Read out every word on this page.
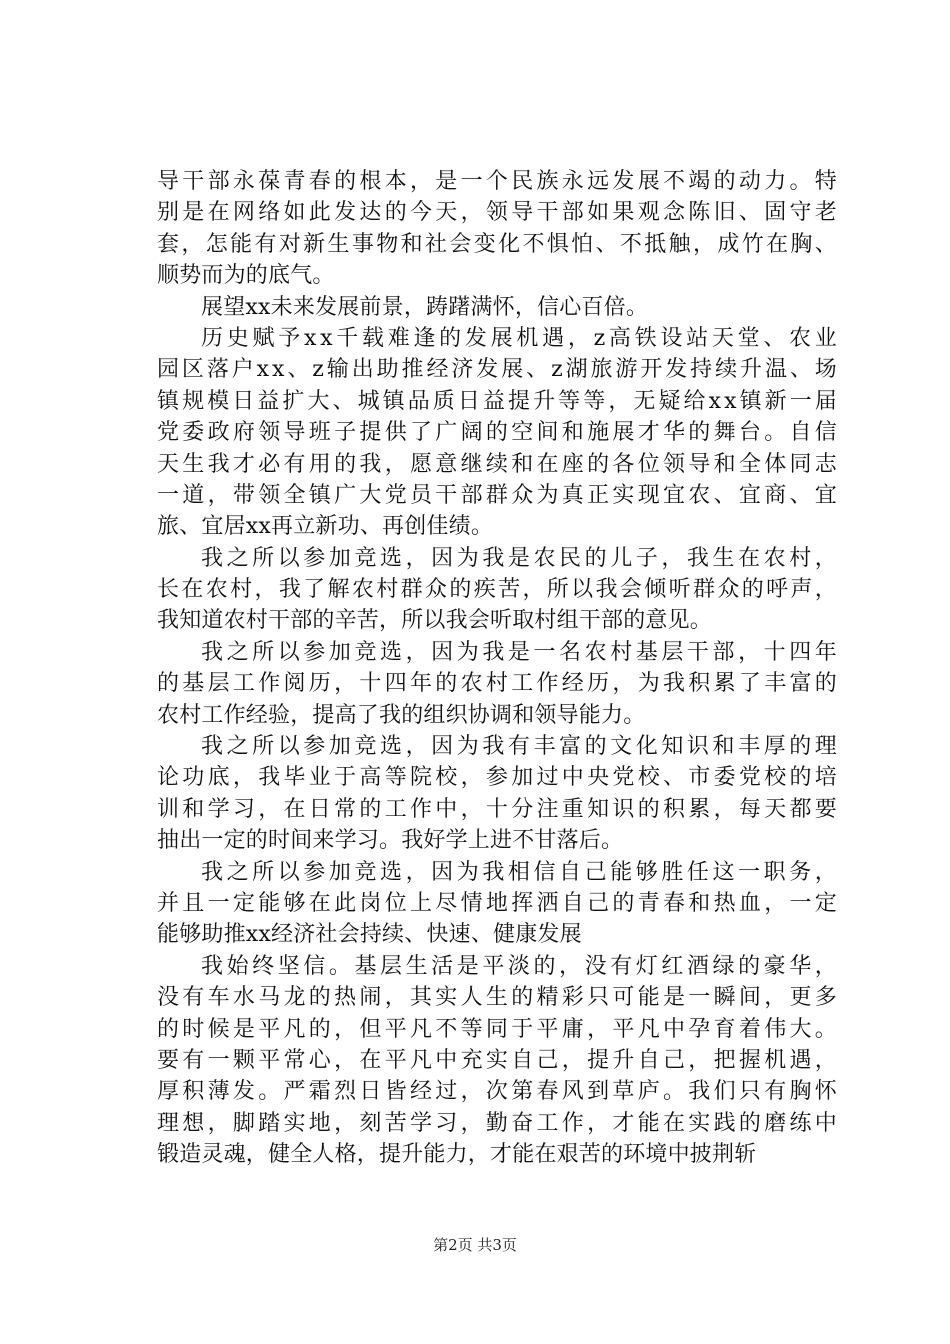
导干部永葆青春的根本，是一个民族永远发展不竭的动力。特
别是在网络如此发达的今天，领导干部如果观念陈旧、固守老
套，怎能有对新生事物和社会变化不惧怕、不抵触，成竹在胸、
顺势而为的底气。
展望xx未来发展前景，踌躇满怀，信心百倍。
历史赋予xx千载难逢的发展机遇，z高铁设站天堂、农业
园区落户xx、z输出助推经济发展、z湖旅游开发持续升温、场
镇规模日益扩大、城镇品质日益提升等等，无疑给xx镇新一届
党委政府领导班子提供了广阔的空间和施展才华的舞台。自信
天生我才必有用的我，愿意继续和在座的各位领导和全体同志
一道，带领全镇广大党员干部群众为真正实现宜农、宜商、宜
旅、宜居xx再立新功、再创佳绩。
我之所以参加竞选，因为我是农民的儿子，我生在农村，
长在农村，我了解农村群众的疾苦，所以我会倾听群众的呼声，
我知道农村干部的辛苦，所以我会听取村组干部的意见。
我之所以参加竞选，因为我是一名农村基层干部，十四年
的基层工作阅历，十四年的农村工作经历，为我积累了丰富的
农村工作经验，提高了我的组织协调和领导能力。
我之所以参加竞选，因为我有丰富的文化知识和丰厚的理
论功底，我毕业于高等院校，参加过中央党校、市委党校的培
训和学习，在日常的工作中，十分注重知识的积累，每天都要
抽出一定的时间来学习。我好学上进不甘落后。
我之所以参加竞选，因为我相信自己能够胜任这一职务，
并且一定能够在此岗位上尽情地挥洒自己的青春和热血，一定
能够助推xx经济社会持续、快速、健康发展
我始终坚信。基层生活是平淡的，没有灯红酒绿的豪华，
没有车水马龙的热闹，其实人生的精彩只可能是一瞬间，更多
的时候是平凡的，但平凡不等同于平庸，平凡中孕育着伟大。
要有一颗平常心，在平凡中充实自己，提升自己，把握机遇，
厚积薄发。严霜烈日皆经过，次第春风到草庐。我们只有胸怀
理想，脚踏实地，刻苦学习，勤奋工作，才能在实践的磨练中
锻造灵魂，健全人格，提升能力，才能在艰苦的环境中披荆斩
第2页 共3页
